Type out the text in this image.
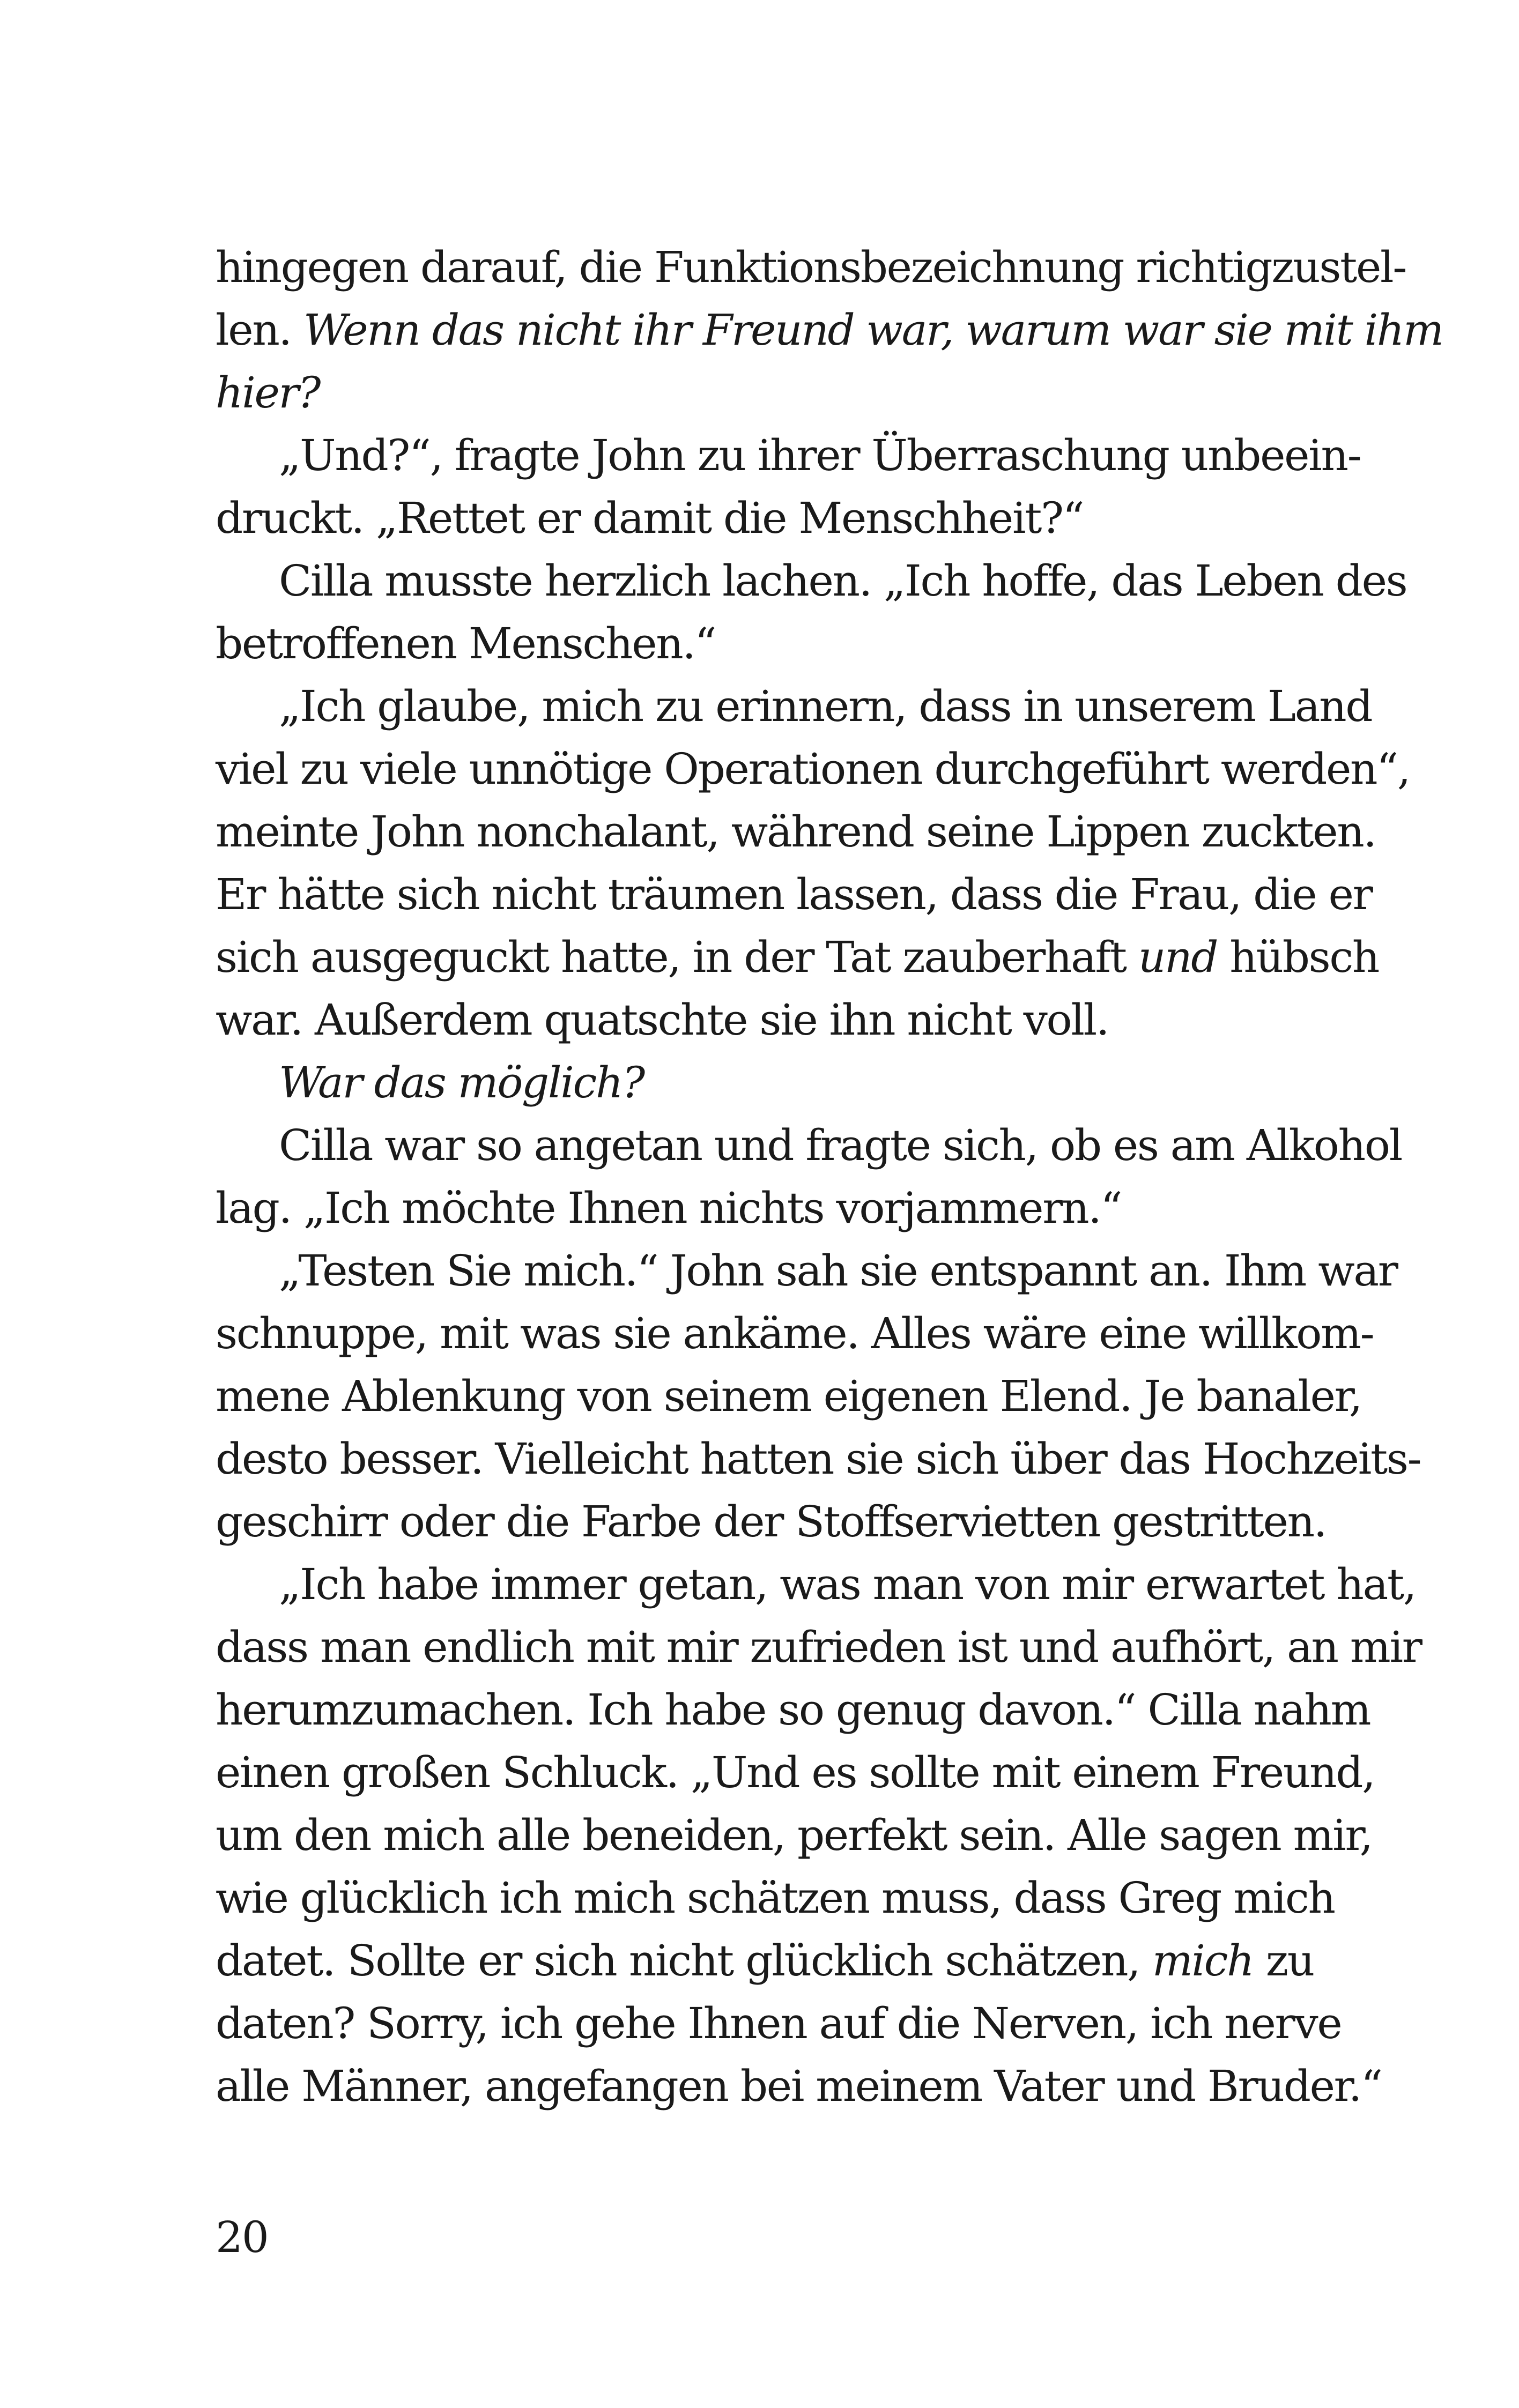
hingegen darauf, die Funktionsbezeichnung richtigzustel-
len. Wenn das nicht ihr Freund war, warum war sie mit ihm
hier?
„Und?“, fragte John zu ihrer Überraschung unbeein-
druckt. „Rettet er damit die Menschheit?“
Cilla musste herzlich lachen. „Ich hoffe, das Leben des
betroffenen Menschen.“
„Ich glaube, mich zu erinnern, dass in unserem Land
viel zu viele unnötige Operationen durchgeführt werden“,
meinte John nonchalant, während seine Lippen zuckten.
Er hätte sich nicht träumen lassen, dass die Frau, die er
sich ausgeguckt hatte, in der Tat zauberhaft und hübsch
war. Außerdem quatschte sie ihn nicht voll.
War das möglich?
Cilla war so angetan und fragte sich, ob es am Alkohol
lag. „Ich möchte Ihnen nichts vorjammern.“
„Testen Sie mich.“ John sah sie entspannt an. Ihm war
schnuppe, mit was sie ankäme. Alles wäre eine willkom-
mene Ablenkung von seinem eigenen Elend. Je banaler,
desto besser. Vielleicht hatten sie sich über das Hochzeits-
geschirr oder die Farbe der Stoffservietten gestritten.
„Ich habe immer getan, was man von mir erwartet hat,
dass man endlich mit mir zufrieden ist und aufhört, an mir
herumzumachen. Ich habe so genug davon.“ Cilla nahm
einen großen Schluck. „Und es sollte mit einem Freund,
um den mich alle beneiden, perfekt sein. Alle sagen mir,
wie glücklich ich mich schätzen muss, dass Greg mich
datet. Sollte er sich nicht glücklich schätzen, mich zu
daten? Sorry, ich gehe Ihnen auf die Nerven, ich nerve
alle Männer, angefangen bei meinem Vater und Bruder.“
20
